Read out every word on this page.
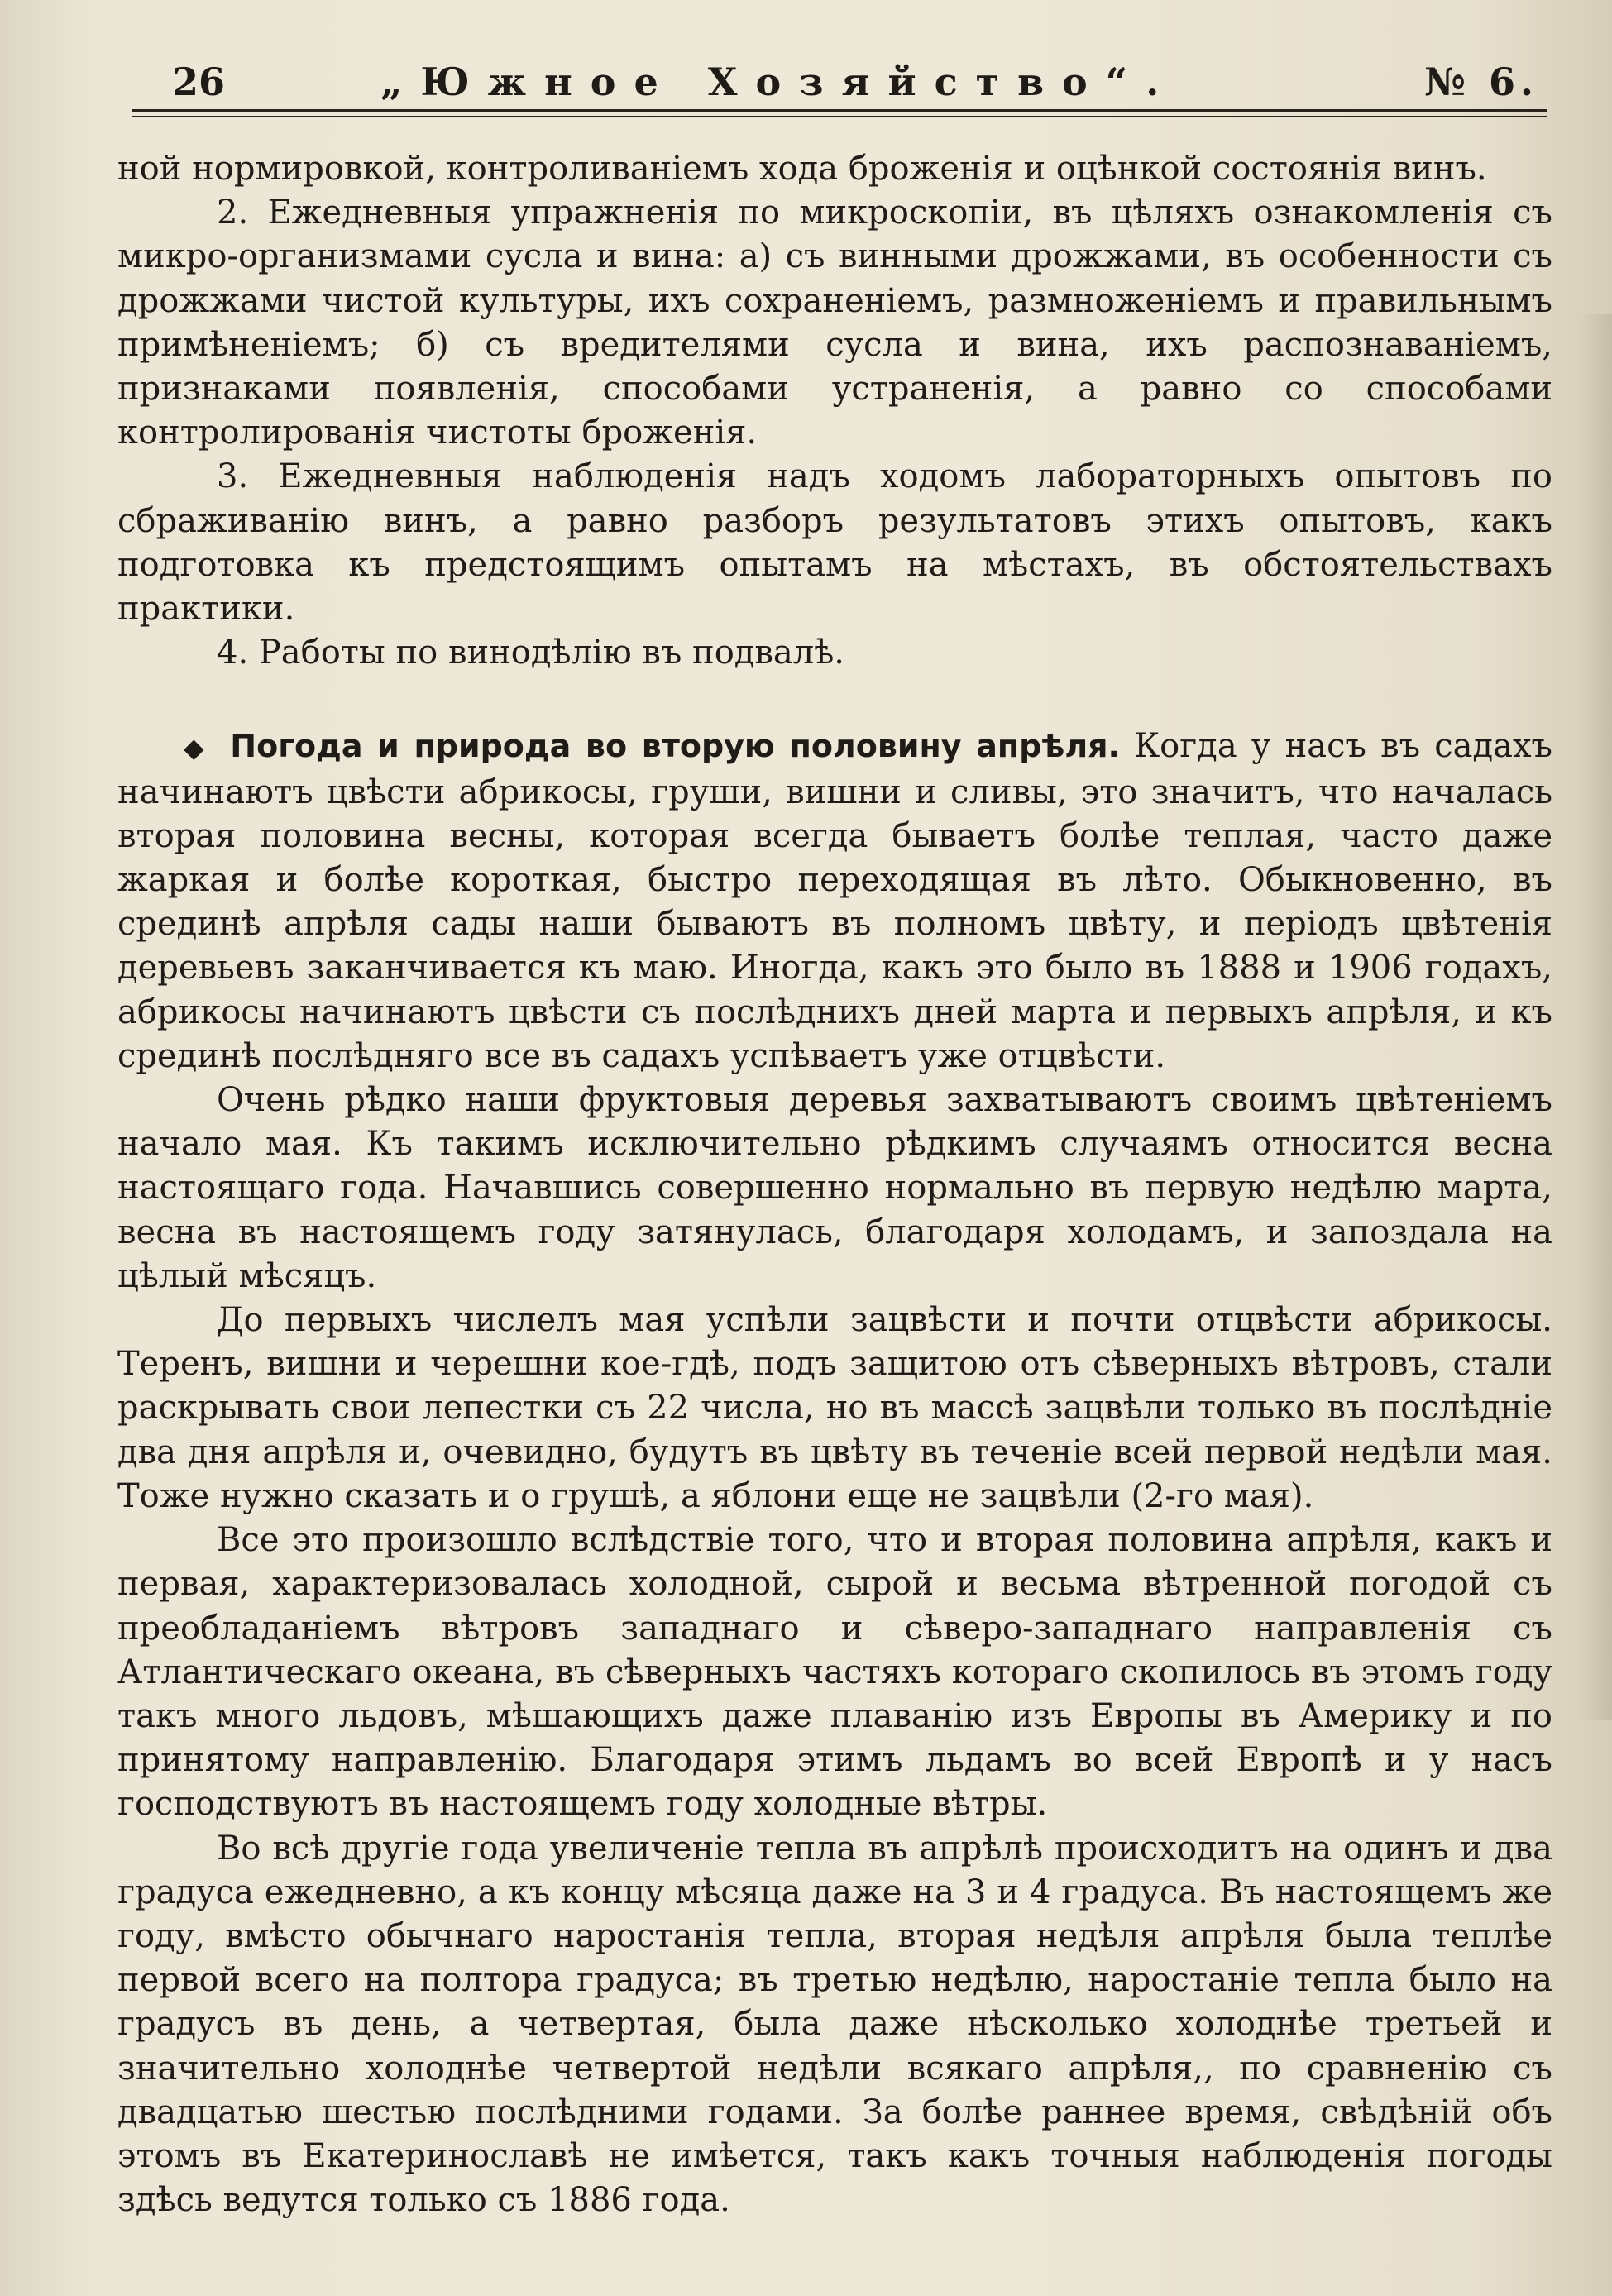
26	„Южное Хозяйство“.	№ 6.

ной нормировкой, контроливаніемъ хода броженія и оцѣнкой состоянія винъ.

2. Ежедневныя упражненія по микроскопіи, въ цѣляхъ ознакомленія съ микро-организмами сусла и вина: а) съ винными дрожжами, въ особенности съ дрожжами чистой культуры, ихъ сохраненіемъ, размноженіемъ и правильнымъ примѣненіемъ; б) съ вредителями сусла и вина, ихъ распознаваніемъ, признаками появленія, способами устраненія, а равно со способами контролированія чистоты броженія.

3. Ежедневныя наблюденія надъ ходомъ лабораторныхъ опытовъ по сбраживанію винъ, а равно разборъ результатовъ этихъ опытовъ, какъ подготовка къ предстоящимъ опытамъ на мѣстахъ, въ обстоятельствахъ практики.

4. Работы по винодѣлію въ подвалѣ.

◆ Погода и природа во вторую половину апрѣля. Когда у насъ въ садахъ начинаютъ цвѣсти абрикосы, груши, вишни и сливы, это значитъ, что началась вторая половина весны, которая всегда бываетъ болѣе теплая, часто даже жаркая и болѣе короткая, быстро переходящая въ лѣто. Обыкновенно, въ срединѣ апрѣля сады наши бываютъ въ полномъ цвѣту, и періодъ цвѣтенія деревьевъ заканчивается къ маю. Иногда, какъ это было въ 1888 и 1906 годахъ, абрикосы начинаютъ цвѣсти съ послѣднихъ дней марта и первыхъ апрѣля, и къ срединѣ послѣдняго все въ садахъ успѣваетъ уже отцвѣсти.

Очень рѣдко наши фруктовыя деревья захватываютъ своимъ цвѣтеніемъ начало мая. Къ такимъ исключительно рѣдкимъ случаямъ относится весна настоящаго года. Начавшись совершенно нормально въ первую недѣлю марта, весна въ настоящемъ году затянулась, благодаря холодамъ, и запоздала на цѣлый мѣсяцъ.

До первыхъ числелъ мая успѣли зацвѣсти и почти отцвѣсти абрикосы. Теренъ, вишни и черешни кое-гдѣ, подъ защитою отъ сѣверныхъ вѣтровъ, стали раскрывать свои лепестки съ 22 числа, но въ массѣ зацвѣли только въ послѣдніе два дня апрѣля и, очевидно, будутъ въ цвѣту въ теченіе всей первой недѣли мая. Тоже нужно сказать и о грушѣ, а яблони еще не зацвѣли (2-го мая).

Все это произошло вслѣдствіе того, что и вторая половина апрѣля, какъ и первая, характеризовалась холодной, сырой и весьма вѣтренной погодой съ преобладаніемъ вѣтровъ западнаго и сѣверо-западнаго направленія съ Атлантическаго океана, въ сѣверныхъ частяхъ котораго скопилось въ этомъ году такъ много льдовъ, мѣшающихъ даже плаванію изъ Европы въ Америку и по принятому направленію. Благодаря этимъ льдамъ во всей Европѣ и у насъ господствуютъ въ настоящемъ году холодные вѣтры.

Во всѣ другіе года увеличеніе тепла въ апрѣлѣ происходитъ на одинъ и два градуса ежедневно, а къ концу мѣсяца даже на 3 и 4 градуса. Въ настоящемъ же году, вмѣсто обычнаго наростанія тепла, вторая недѣля апрѣля была теплѣе первой всего на полтора градуса; въ третью недѣлю, наростаніе тепла было на градусъ въ день, а четвертая, была даже нѣсколько холоднѣе третьей и значительно холоднѣе четвертой недѣли всякаго апрѣля,, по сравненію съ двадцатью шестью послѣдними годами. За болѣе раннее время, свѣдѣній объ этомъ въ Екатеринославѣ не имѣется, такъ какъ точныя наблюденія погоды здѣсь ведутся только съ 1886 года.
